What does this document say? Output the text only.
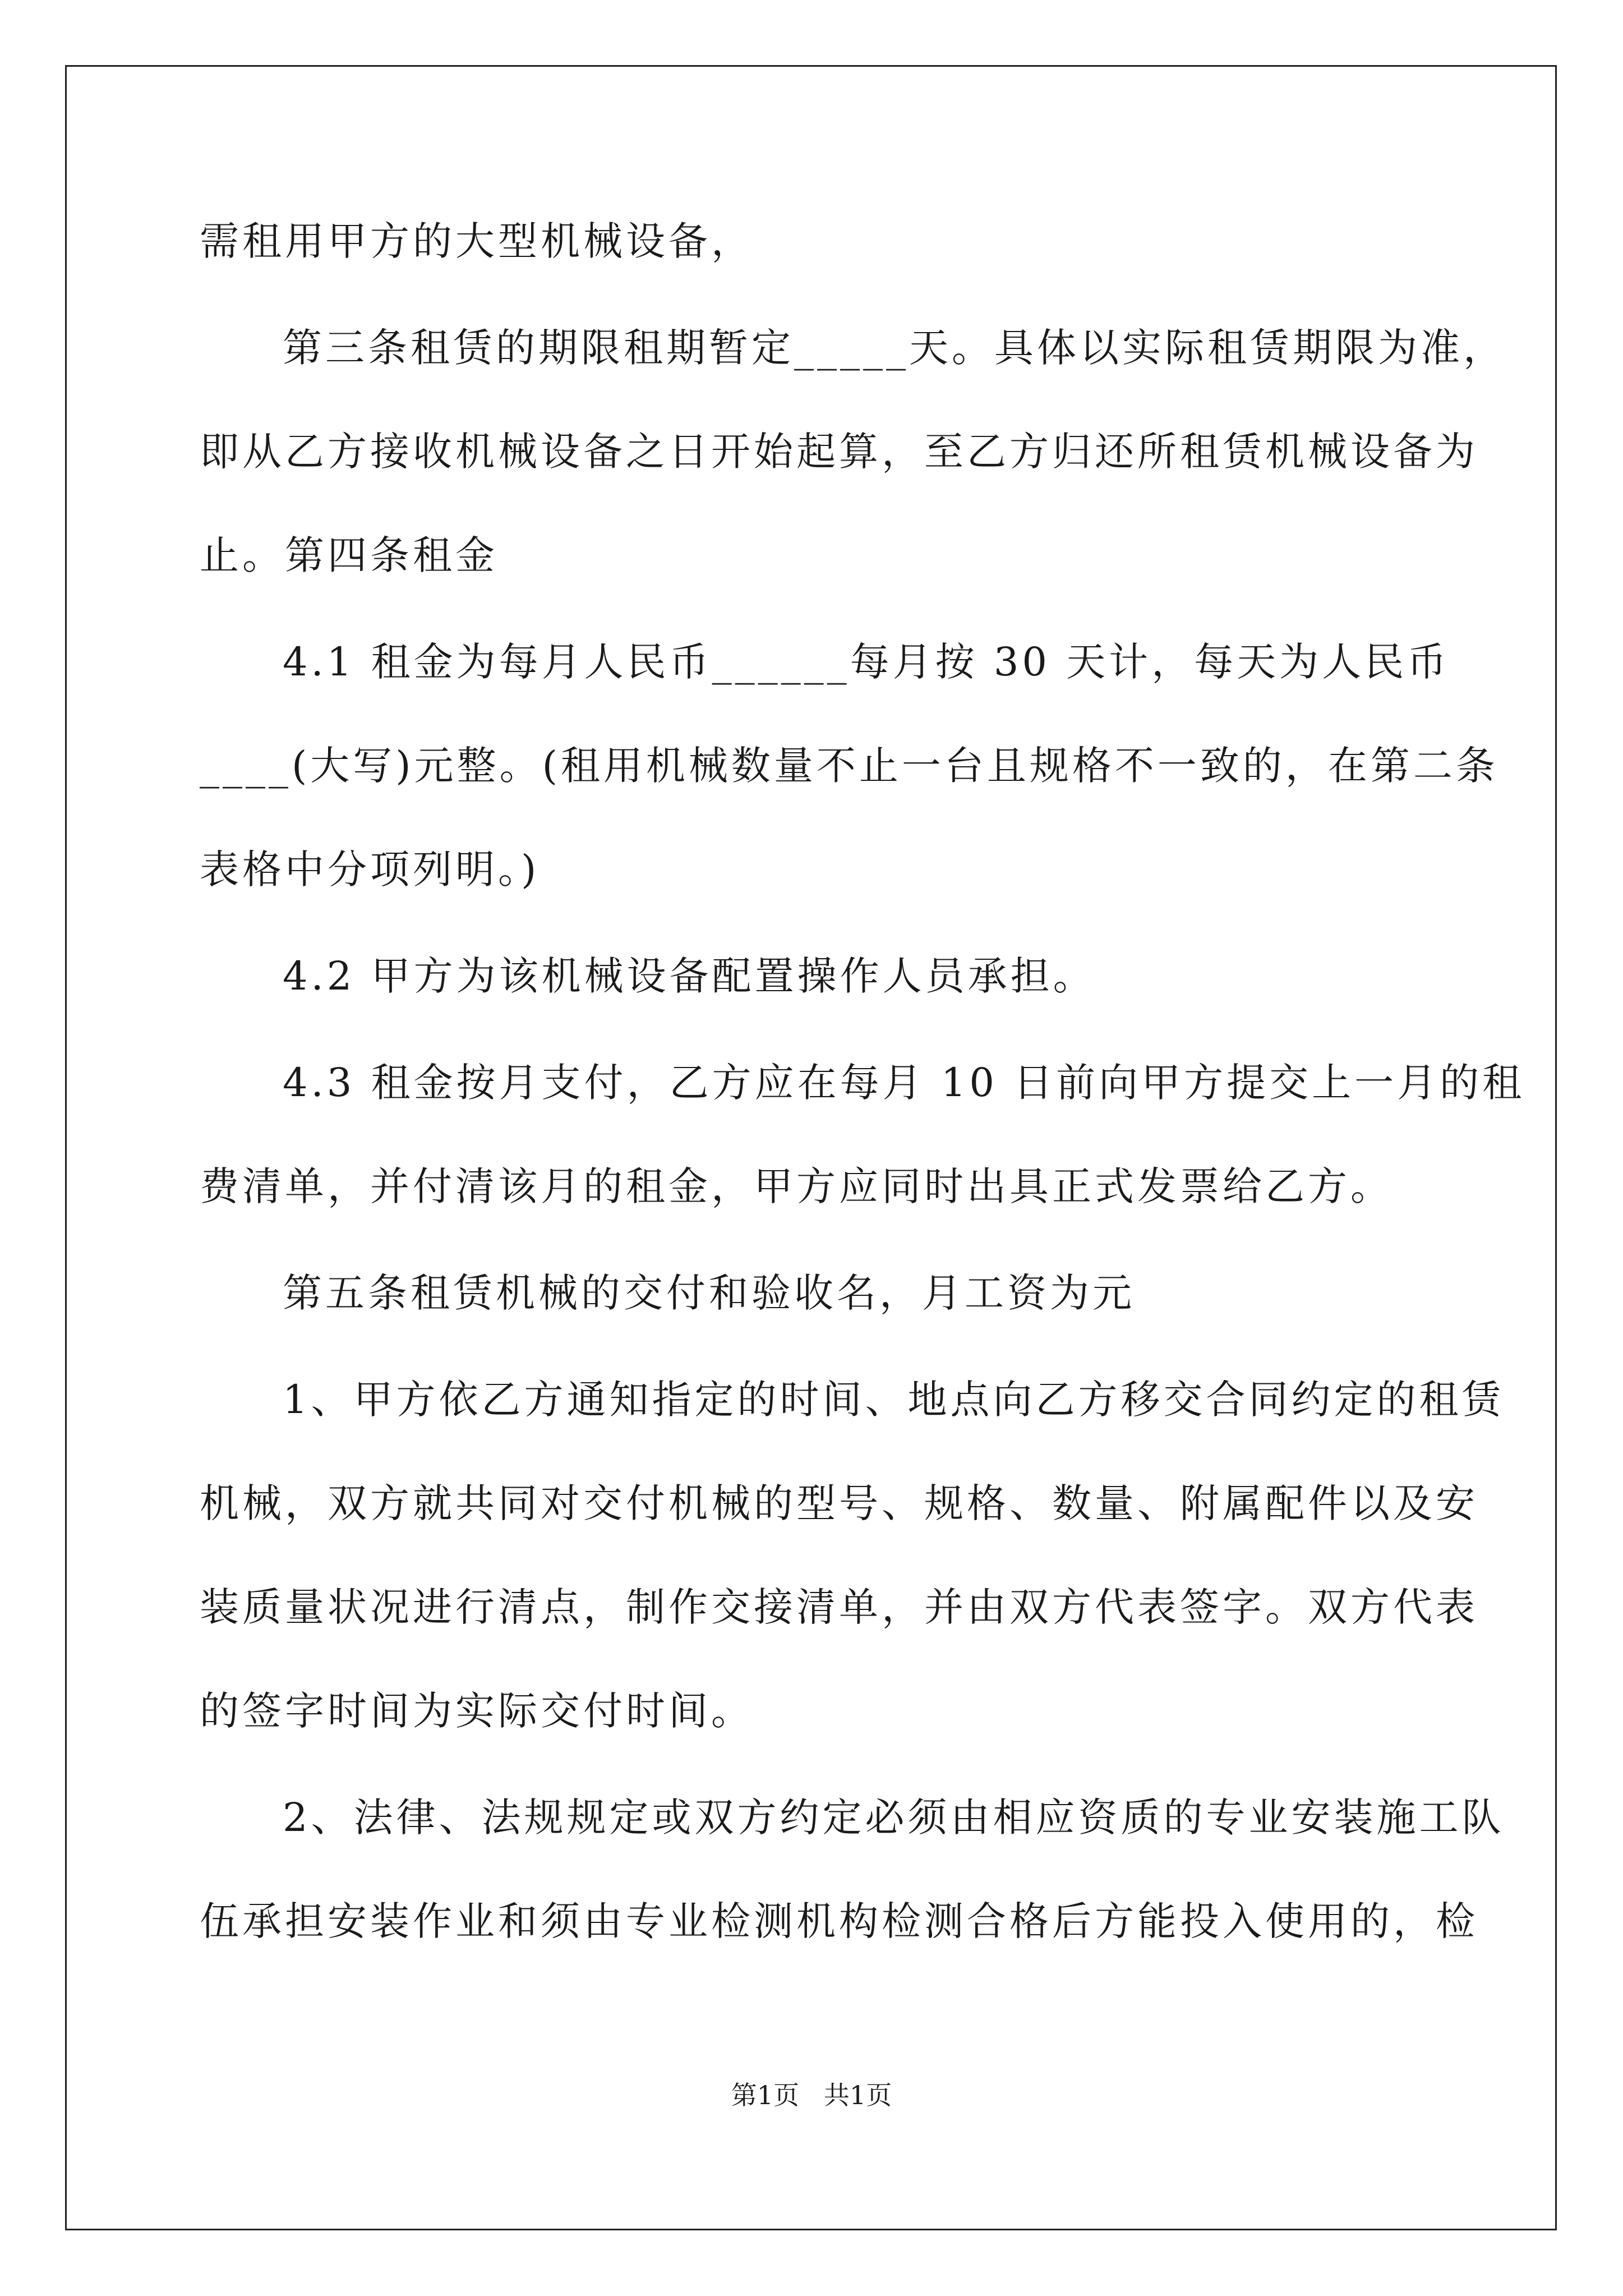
需租用甲方的大型机械设备，
第三条租赁的期限租期暂定_____天。具体以实际租赁期限为准，
即从乙方接收机械设备之日开始起算，至乙方归还所租赁机械设备为
止。第四条租金
4.1 租金为每月人民币______每月按 30 天计，每天为人民币
____(大写)元整。(租用机械数量不止一台且规格不一致的，在第二条
表格中分项列明。)
4.2 甲方为该机械设备配置操作人员承担。
4.3 租金按月支付，乙方应在每月 10 日前向甲方提交上一月的租
费清单，并付清该月的租金，甲方应同时出具正式发票给乙方。
第五条租赁机械的交付和验收名，月工资为元
1、甲方依乙方通知指定的时间、地点向乙方移交合同约定的租赁
机械，双方就共同对交付机械的型号、规格、数量、附属配件以及安
装质量状况进行清点，制作交接清单，并由双方代表签字。双方代表
的签字时间为实际交付时间。
2、法律、法规规定或双方约定必须由相应资质的专业安装施工队
伍承担安装作业和须由专业检测机构检测合格后方能投入使用的，检
第1页   共1页
